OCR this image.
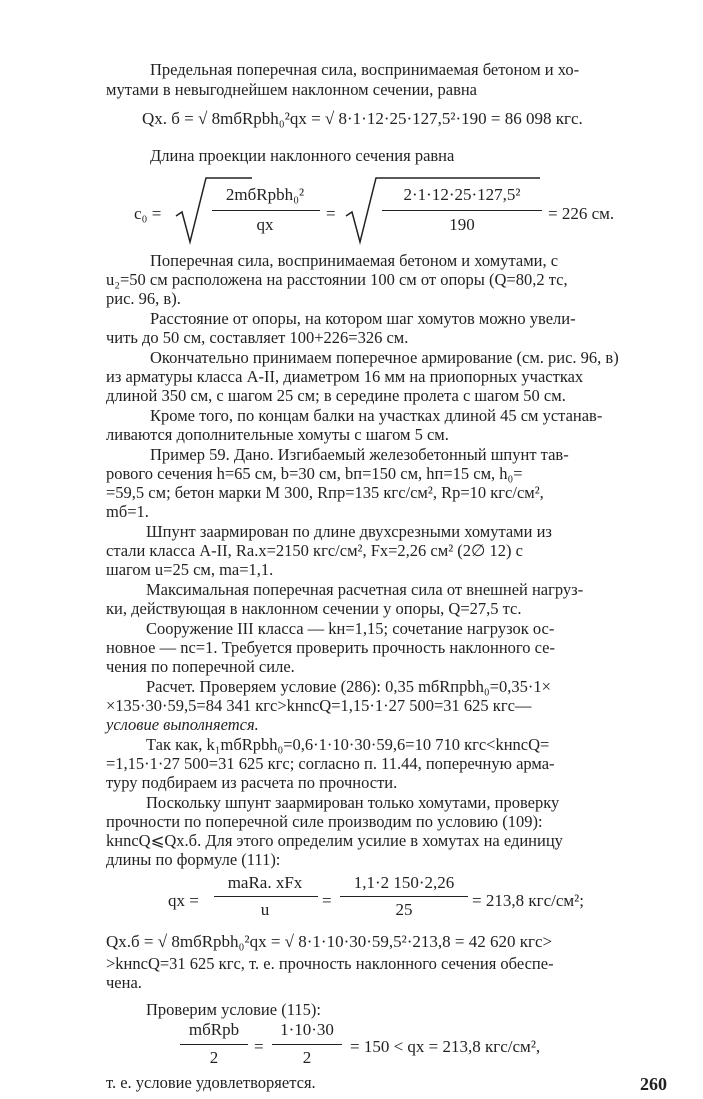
Предельная поперечная сила, воспринимаемая бетоном и хо-
мутами в невыгоднейшем наклонном сечении, равна
Qx. б = √ 8mбRpbh₀²qx = √ 8·1·12·25·127,5²·190 = 86 098 кгс.
Длина проекции наклонного сечения равна
c₀ =
2mбRpbh₀²
qx
=
2·1·12·25·127,5²
190
= 226 см.
Поперечная сила, воспринимаемая бетоном и хомутами, с
u₂=50 см расположена на расстоянии 100 см от опоры (Q=80,2 тс,
рис. 96, в).
Расстояние от опоры, на котором шаг хомутов можно увели-
чить до 50 см, составляет 100+226=326 см.
Окончательно принимаем поперечное армирование (см. рис. 96, в)
из арматуры класса A-II, диаметром 16 мм на приопорных участках
длиной 350 см, с шагом 25 см; в середине пролета с шагом 50 см.
Кроме того, по концам балки на участках длиной 45 см устанав-
ливаются дополнительные хомуты с шагом 5 см.
Пример 59. Дано. Изгибаемый железобетонный шпунт тав-
рового сечения h=65 см, b=30 см, bп=150 см, hп=15 см, h₀=
=59,5 см; бетон марки M 300, Rпр=135 кгс/см², Rp=10 кгс/см²,
mб=1.
Шпунт заармирован по длине двухсрезными хомутами из
стали класса A-II, Ra.x=2150 кгс/см², Fx=2,26 см² (2∅ 12) с
шагом u=25 см, ma=1,1.
Максимальная поперечная расчетная сила от внешней нагруз-
ки, действующая в наклонном сечении у опоры, Q=27,5 тс.
Сооружение III класса — kн=1,15; сочетание нагрузок ос-
новное — nc=1. Требуется проверить прочность наклонного се-
чения по поперечной силе.
Расчет. Проверяем условие (286): 0,35 mбRпрbh₀=0,35·1×
×135·30·59,5=84 341 кгс>kнncQ=1,15·1·27 500=31 625 кгс—
условие выполняется.
Так как, k₁mбRpbh₀=0,6·1·10·30·59,6=10 710 кгс<kнncQ=
=1,15·1·27 500=31 625 кгс; согласно п. 11.44, поперечную арма-
туру подбираем из расчета по прочности.
Поскольку шпунт заармирован только хомутами, проверку
прочности по поперечной силе производим по условию (109):
kнncQ⩽Qx.б. Для этого определим усилие в хомутах на единицу
длины по формуле (111):
qx =
maRa. xFx
u	=
1,1·2 150·2,26
25	= 213,8 кгс/см²;
Qx.б = √ 8mбRpbh₀²qx = √ 8·1·10·30·59,5²·213,8 = 42 620 кгс>
>kнncQ=31 625 кгс, т. е. прочность наклонного сечения обеспе-
чена.
Проверим условие (115):
mбRpb
2
=
1·10·30
2
= 150 < qx = 213,8 кгс/см²,
т. е. условие удовлетворяется.	260
